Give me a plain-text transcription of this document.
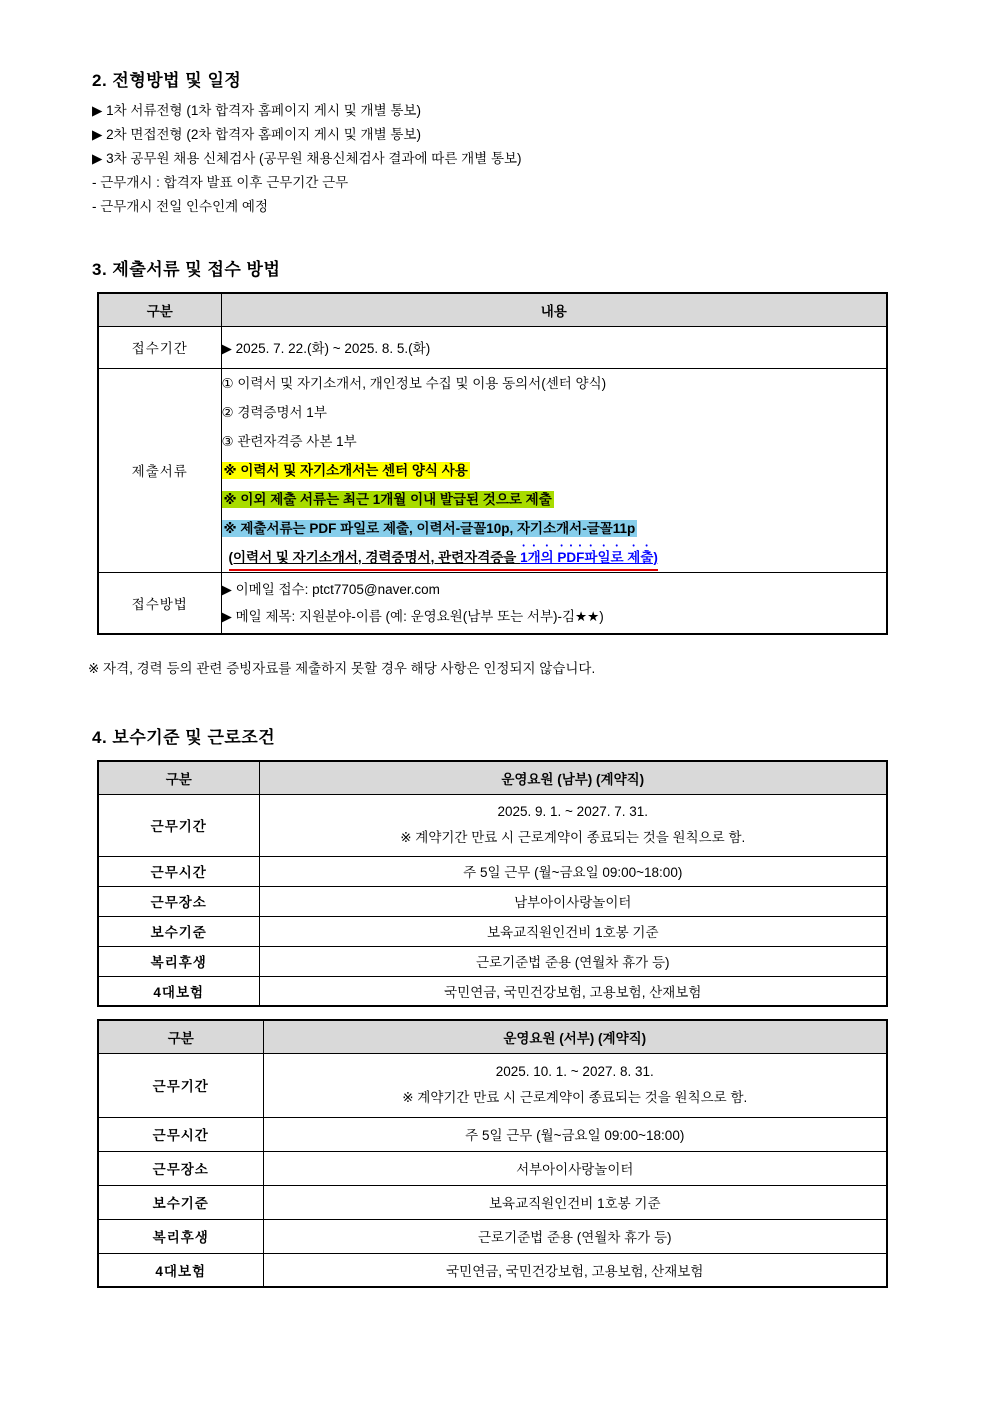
2. 전형방법 및 일정
▶ 1차 서류전형 (1차 합격자 홈페이지 게시 및 개별 통보)
▶ 2차 면접전형 (2차 합격자 홈페이지 게시 및 개별 통보)
▶ 3차 공무원 채용 신체검사 (공무원 채용신체검사 결과에 따른 개별 통보)
- 근무개시 : 합격자 발표 이후 근무기간 근무
- 근무개시 전일 인수인계 예정
3. 제출서류 및 접수 방법
구분	내용
접수기간	▶ 2025. 7. 22.(화) ~ 2025. 8. 5.(화)
제출서류	
① 이력서 및 자기소개서, 개인정보 수집 및 이용 동의서(센터 양식)
② 경력증명서 1부
③ 관련자격증 사본 1부
※ 이력서 및 자기소개서는 센터 양식 사용
※ 이외 제출 서류는 최근 1개월 이내 발급된 것으로 제출
※ 제출서류는 PDF 파일로 제출, 이력서-글꼴10p, 자기소개서-글꼴11p
(이력서 및 자기소개서, 경력증명서, 관련자격증을 1개의 PDF파일로 제출)

접수방법	▶ 이메일 접수: ptct7705@naver.com
▶ 메일 제목: 지원분야-이름 (예: 운영요원(남부 또는 서부)-김★★)

※ 자격, 경력 등의 관련 증빙자료를 제출하지 못할 경우 해당 사항은 인정되지 않습니다.

4. 보수기준 및 근로조건
구분	운영요원 (남부) (계약직)
근무기간	2025. 9. 1. ~ 2027. 7. 31.
※ 계약기간 만료 시 근로계약이 종료되는 것을 원칙으로 함.

근무시간	주 5일 근무 (월~금요일 09:00~18:00)
근무장소	남부아이사랑놀이터
보수기준	보육교직원인건비 1호봉 기준
복리후생	근로기준법 준용 (연월차 휴가 등)
4대보험	국민연금, 국민건강보험, 고용보험, 산재보험
구분	운영요원 (서부) (계약직)
근무기간	2025. 10. 1. ~ 2027. 8. 31.
※ 계약기간 만료 시 근로계약이 종료되는 것을 원칙으로 함.

근무시간	주 5일 근무 (월~금요일 09:00~18:00)
근무장소	서부아이사랑놀이터
보수기준	보육교직원인건비 1호봉 기준
복리후생	근로기준법 준용 (연월차 휴가 등)
4대보험	국민연금, 국민건강보험, 고용보험, 산재보험
